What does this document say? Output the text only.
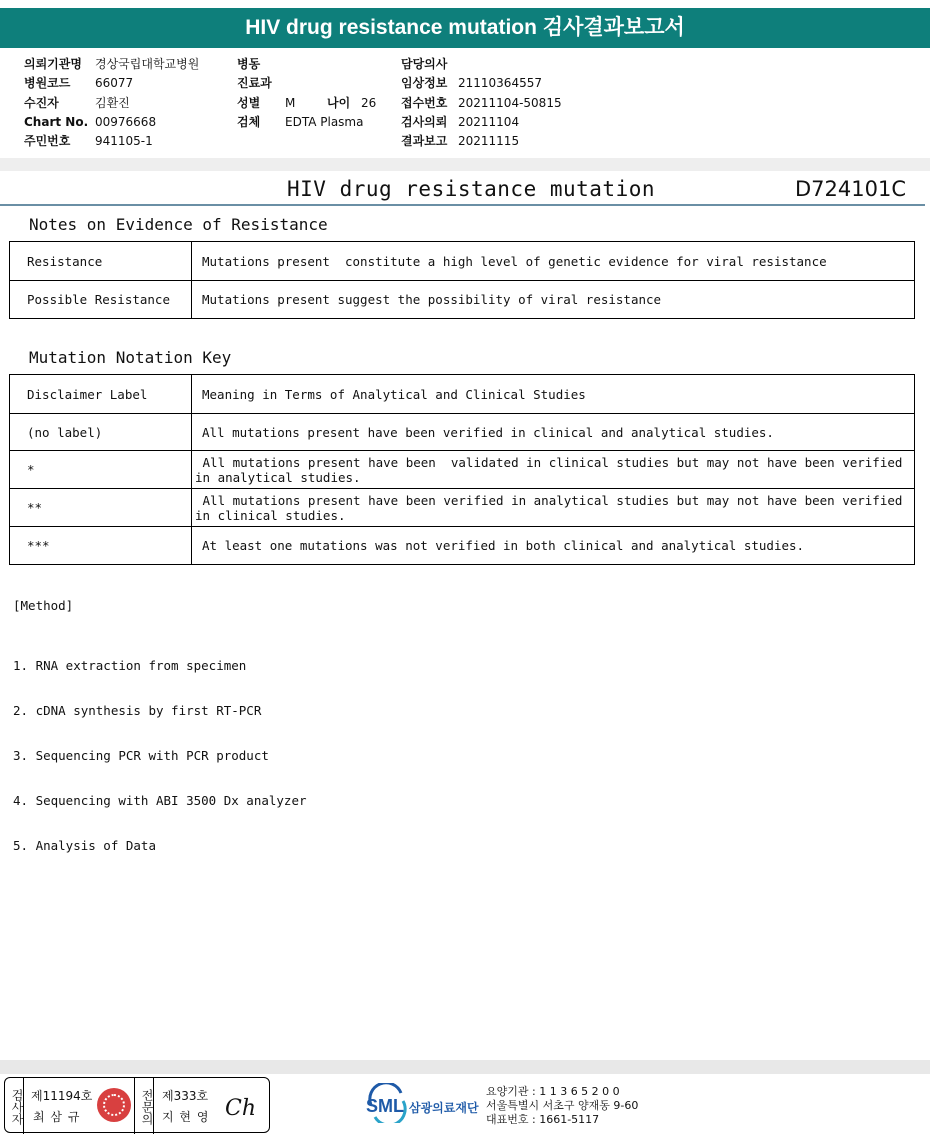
HIV drug resistance mutation 검사결과보고서
의뢰기관명 경상국립대학교병원
병원코드 66077
수진자	김환진
Chart No. 00976668
주민번호 941105-1
병동
진료과
성별 M	나이 26
검체 EDTA Plasma
담당의사
임상정보 21110364557
접수번호 20211104-50815
검사의뢰 20211104
결과보고 20211115
HIV drug resistance mutation	D724101C
Notes on Evidence of Resistance
Resistance	Mutations present  constitute a high level of genetic evidence for viral resistance
Possible Resistance	Mutations present suggest the possibility of viral resistance
Mutation Notation Key
Disclaimer Label	Meaning in Terms of Analytical and Clinical Studies
(no label)	All mutations present have been verified in clinical and analytical studies.
*	All mutations present have been  validated in clinical studies but may not have been verified
in analytical studies.
**	All mutations present have been verified in analytical studies but may not have been verified
in clinical studies.
***	At least one mutations was not verified in both clinical and analytical studies.
[Method]

1. RNA extraction from specimen

2. cDNA synthesis by first RT-PCR

3. Sequencing PCR with PCR product

4. Sequencing with ABI 3500 Dx analyzer

5. Analysis of Data

검사자 제11194호
최 삼 규	전문의 제333호
지 현 영 Ch	SML 삼광의료재단
요양기관 : 1 1 3 6 5 2 0 0
서울특별시 서초구 양재동 9-60
대표번호 : 1661-5117
